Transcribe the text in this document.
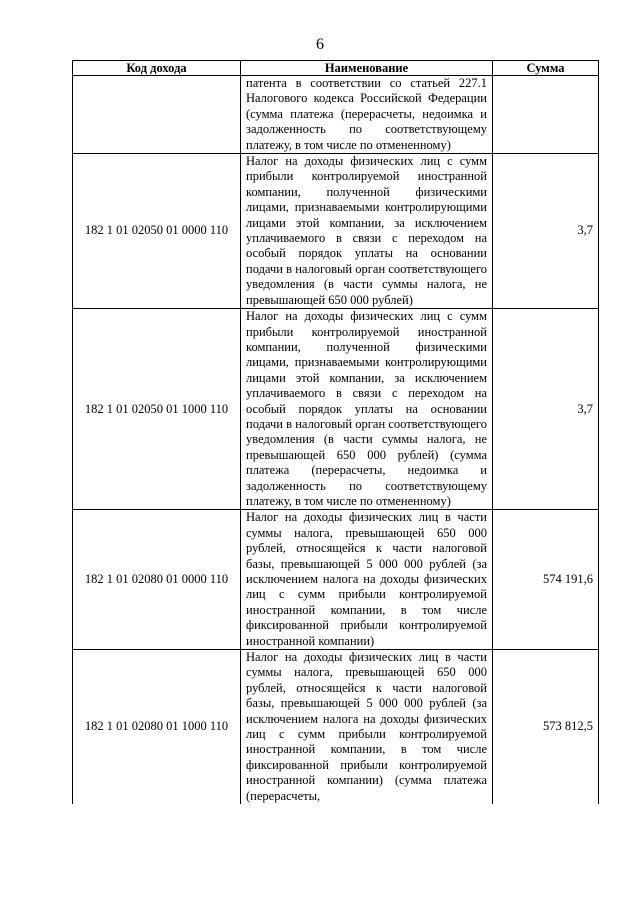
6
Код дохода	Наименование	Сумма
	патента в соответствии со статьей 227.1 Налогового кодекса Российской Федерации (сумма платежа (перерасчеты, недоимка и задолженность по соответствующему платежу, в том числе по отмененному)	
182 1 01 02050 01 0000 110	Налог на доходы физических лиц с сумм прибыли контролируемой иностранной компании, полученной физическими лицами, признаваемыми контролирующими лицами этой компании, за исключением уплачиваемого в связи с переходом на особый порядок уплаты на основании подачи в налоговый орган соответствующего уведомления (в части суммы налога, не превышающей 650 000 рублей)	3,7
182 1 01 02050 01 1000 110	Налог на доходы физических лиц с сумм прибыли контролируемой иностранной компании, полученной физическими лицами, признаваемыми контролирующими лицами этой компании, за исключением уплачиваемого в связи с переходом на особый порядок уплаты на основании подачи в налоговый орган соответствующего уведомления (в части суммы налога, не превышающей 650 000 рублей) (сумма платежа (перерасчеты, недоимка и задолженность по соответствующему платежу, в том числе по отмененному)	3,7
182 1 01 02080 01 0000 110	Налог на доходы физических лиц в части суммы налога, превышающей 650 000 рублей, относящейся к части налоговой базы, превышающей 5 000 000 рублей (за исключением налога на доходы физических лиц с сумм прибыли контролируемой иностранной компании, в том числе фиксированной прибыли контролируемой иностранной компании)	574 191,6
182 1 01 02080 01 1000 110	Налог на доходы физических лиц в части суммы налога, превышающей 650 000 рублей, относящейся к части налоговой базы, превышающей 5 000 000 рублей (за исключением налога на доходы физических лиц с сумм прибыли контролируемой иностранной компании, в том числе фиксированной прибыли контролируемой иностранной компании) (сумма платежа (перерасчеты,	573 812,5
